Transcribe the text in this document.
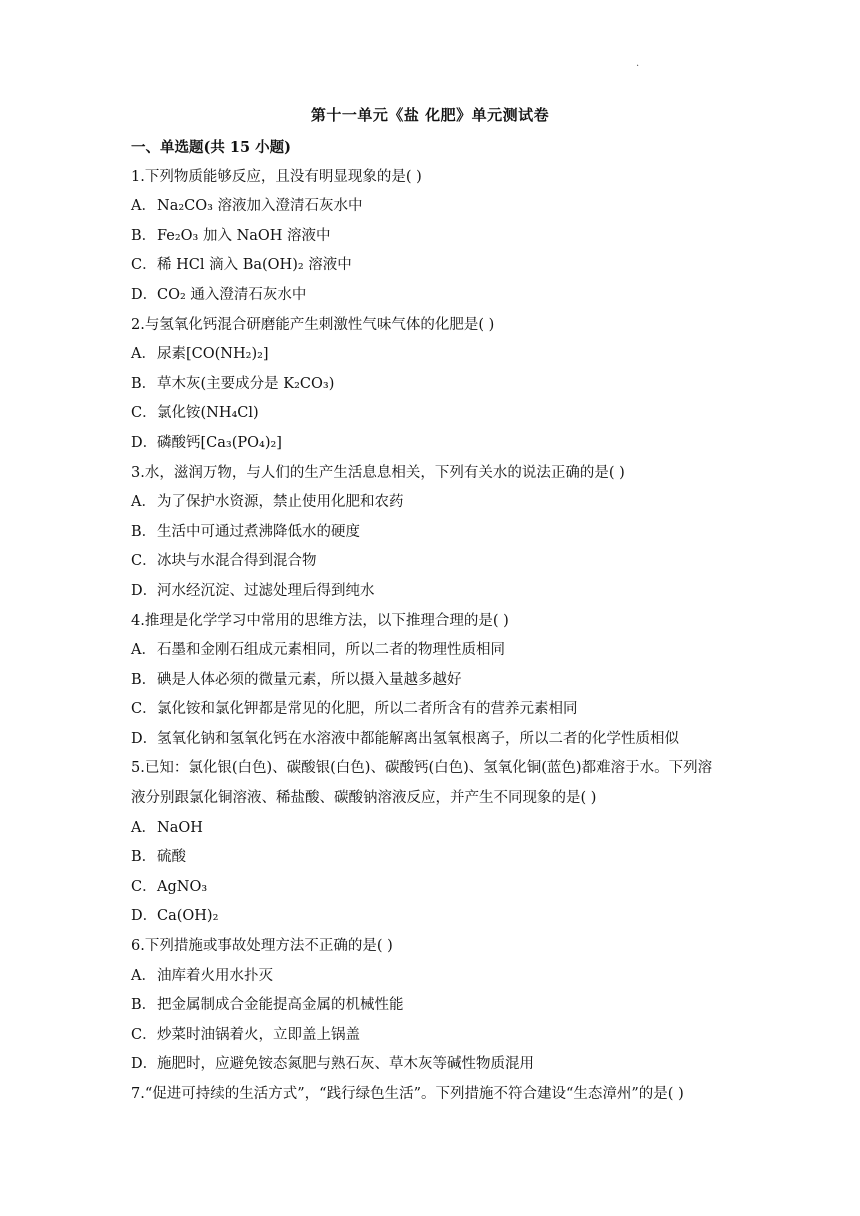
.
第十一单元《盐 化肥》单元测试卷
一、单选题(共 15 小题)
1.下列物质能够反应，且没有明显现象的是( )
A．Na₂CO₃ 溶液加入澄清石灰水中
B．Fe₂O₃ 加入 NaOH 溶液中
C．稀 HCl 滴入 Ba(OH)₂ 溶液中
D．CO₂ 通入澄清石灰水中
2.与氢氧化钙混合研磨能产生刺激性气味气体的化肥是( )
A．尿素[CO(NH₂)₂]
B．草木灰(主要成分是 K₂CO₃)
C．氯化铵(NH₄Cl)
D．磷酸钙[Ca₃(PO₄)₂]
3.水，滋润万物，与人们的生产生活息息相关，下列有关水的说法正确的是( )
A．为了保护水资源，禁止使用化肥和农药
B．生活中可通过煮沸降低水的硬度
C．冰块与水混合得到混合物
D．河水经沉淀、过滤处理后得到纯水
4.推理是化学学习中常用的思维方法，以下推理合理的是( )
A．石墨和金刚石组成元素相同，所以二者的物理性质相同
B．碘是人体必须的微量元素，所以摄入量越多越好
C．氯化铵和氯化钾都是常见的化肥，所以二者所含有的营养元素相同
D．氢氧化钠和氢氧化钙在水溶液中都能解离出氢氧根离子，所以二者的化学性质相似
5.已知：氯化银(白色)、碳酸银(白色)、碳酸钙(白色)、氢氧化铜(蓝色)都难溶于水。下列溶
液分别跟氯化铜溶液、稀盐酸、碳酸钠溶液反应，并产生不同现象的是( )
A．NaOH
B．硫酸
C．AgNO₃
D．Ca(OH)₂
6.下列措施或事故处理方法不正确的是( )
A．油库着火用水扑灭
B．把金属制成合金能提高金属的机械性能
C．炒菜时油锅着火，立即盖上锅盖
D．施肥时，应避免铵态氮肥与熟石灰、草木灰等碱性物质混用
7.“促进可持续的生活方式”，“践行绿色生活”。下列措施不符合建设“生态漳州”的是( )
